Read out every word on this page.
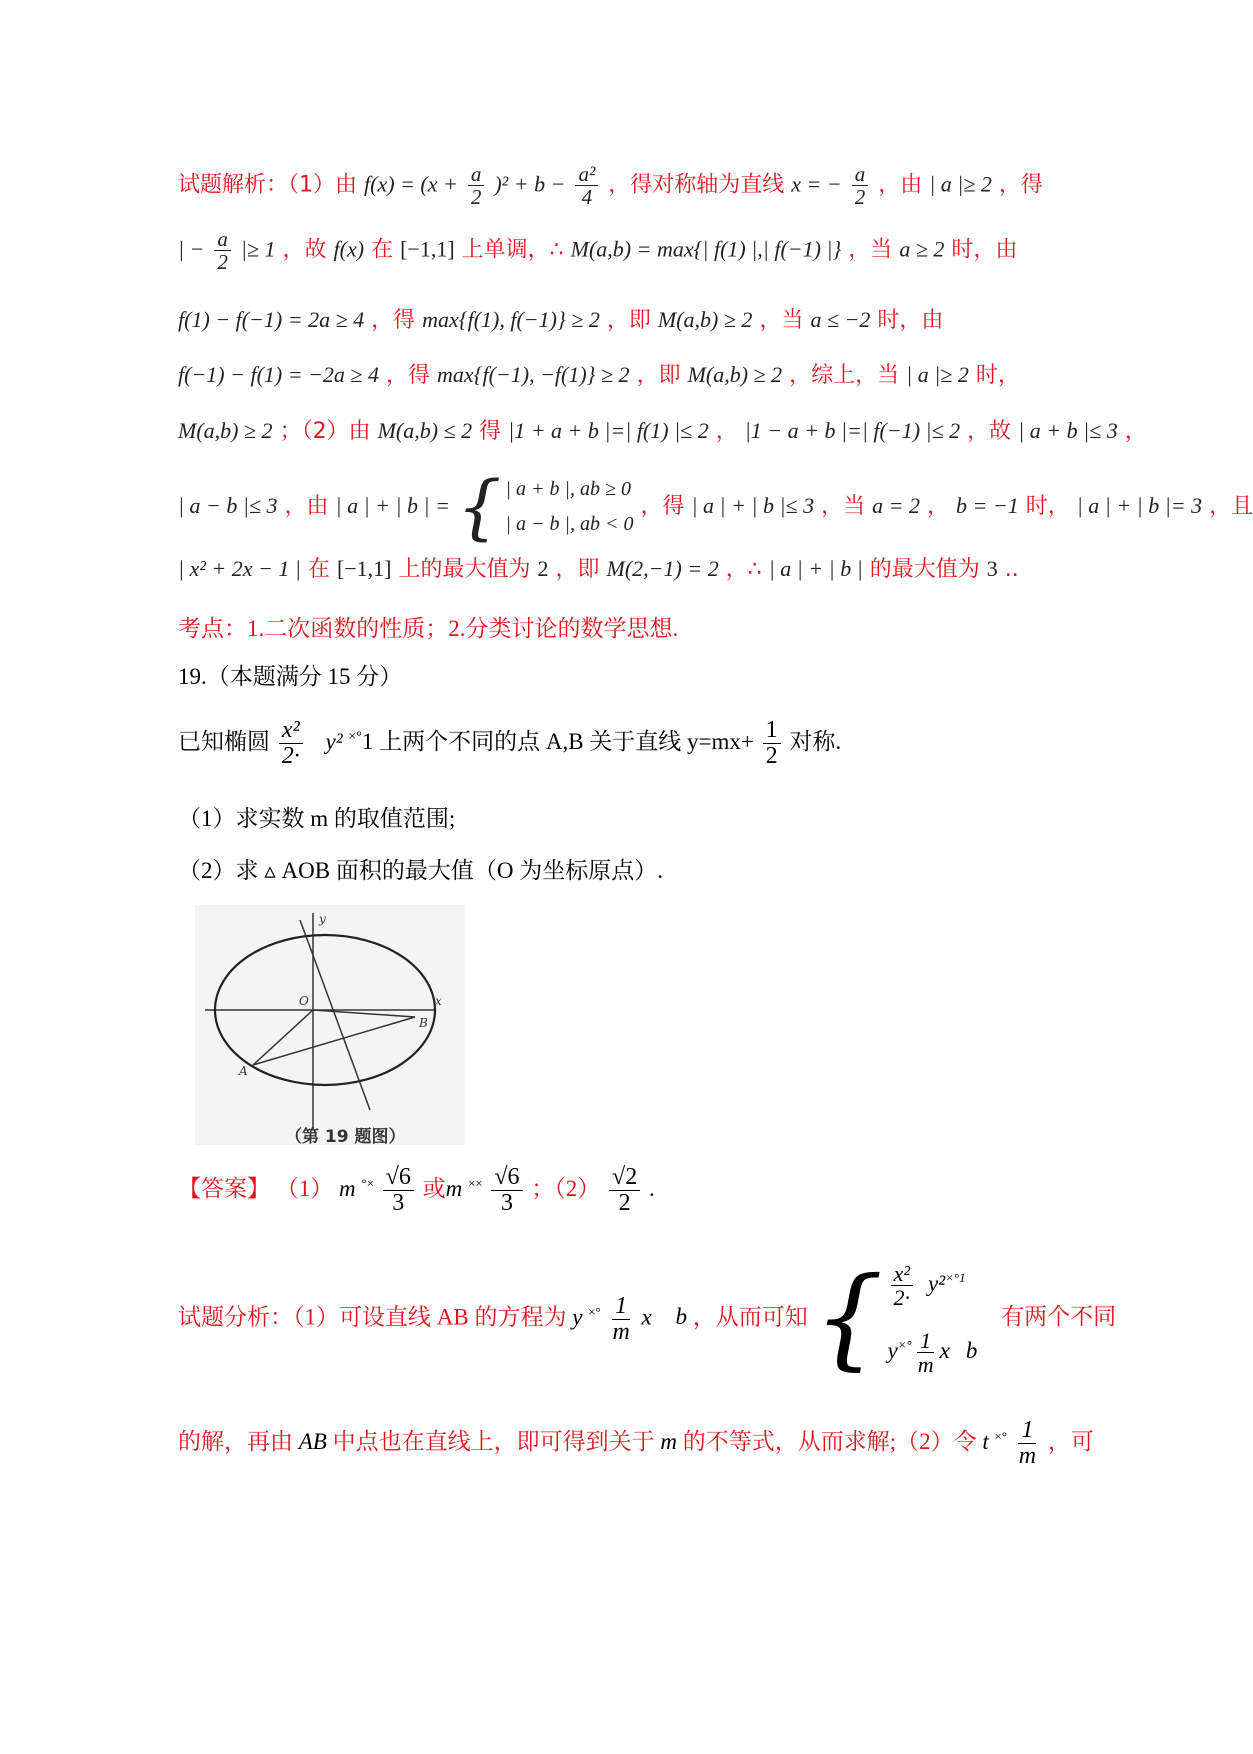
试题解析：（1）由 $f(x) = (x + \frac{a}{2} )^2 + b - \frac{\text{a²}}{4}$ ，得对称轴为直线 x = − $\frac{a}{2}$ ，由 | a |≥ 2 ，得
| − $\frac{a}{2}$ |≥ 1 ，故 f(x) 在 [−1,1] 上单调，∴ M(a,b) = max{| f(1) |,| f(−1) |} ，当 a ≥ 2 时，由
f(1) − f(−1) = 2a ≥ 4 ，得 max{f(1), f(−1)} ≥ 2 ，即 M(a,b) ≥ 2 ，当 a ≤ −2 时，由
f(−1) − f(1) = −2a ≥ 4 ，得 max{f(−1), −f(1)} ≥ 2 ，即 M(a,b) ≥ 2 ，综上，当 | a |≥ 2 时，
M(a,b) ≥ 2 ；（2）由 M(a,b) ≤ 2 得 |1 + a + b |=| f(1) |≤ 2 ， |1 − a + b |=| f(−1) |≤ 2 ，故 | a + b |≤ 3 ，
| a − b |≤ 3 ，由 | a | + | b | = { | a + b |, ab ≥ 0
| a − b |, ab < 0
，得 | a | + | b |≤ 3 ，当 a = 2 ， b = −1 时， | a | + | b |= 3 ，且
| x² + 2x − 1 | 在 [−1,1] 上的最大值为 2 ，即 M(2,−1) = 2 ，∴ | a | + | b | 的最大值为 3 ..
考点：1.二次函数的性质；2.分类讨论的数学思想.
19.（本题满分 15 分）
已知椭圆 $\frac{\text{x²}}{2\cdot} y^2$ ×°1 上两个不同的点 A,B 关于直线 $y=mx+ \frac{1}{2}$ 对称.
（1）求实数 m 的取值范围;
（2）求 ▵ AOB 面积的最大值（O 为坐标原点）.
y
x
O
B
A
（第 19 题图）
【答案】 （1） m $^{^\circ\times} \frac{√6}{3}$ 或m $^{\times\times} \frac{√6}{3}$ ；$(2) \frac{√2}{2}$ .
试题分析：（1）可设直线 AB 的方程为 y $^{\times^\circ} \frac{1}{m}$ x b ，从而可知 { $\frac{\text{x²}}{2\cdot} y^2^{\times^\circ 1}$
$y^{\times^\circ} \frac{1}{m}$ x b
有两个不同
的解，再由 AB 中点也在直线上，即可得到关于 m 的不等式，从而求解;（2）令 t $^{\times^\circ} \frac{1}{m}$ ，可
